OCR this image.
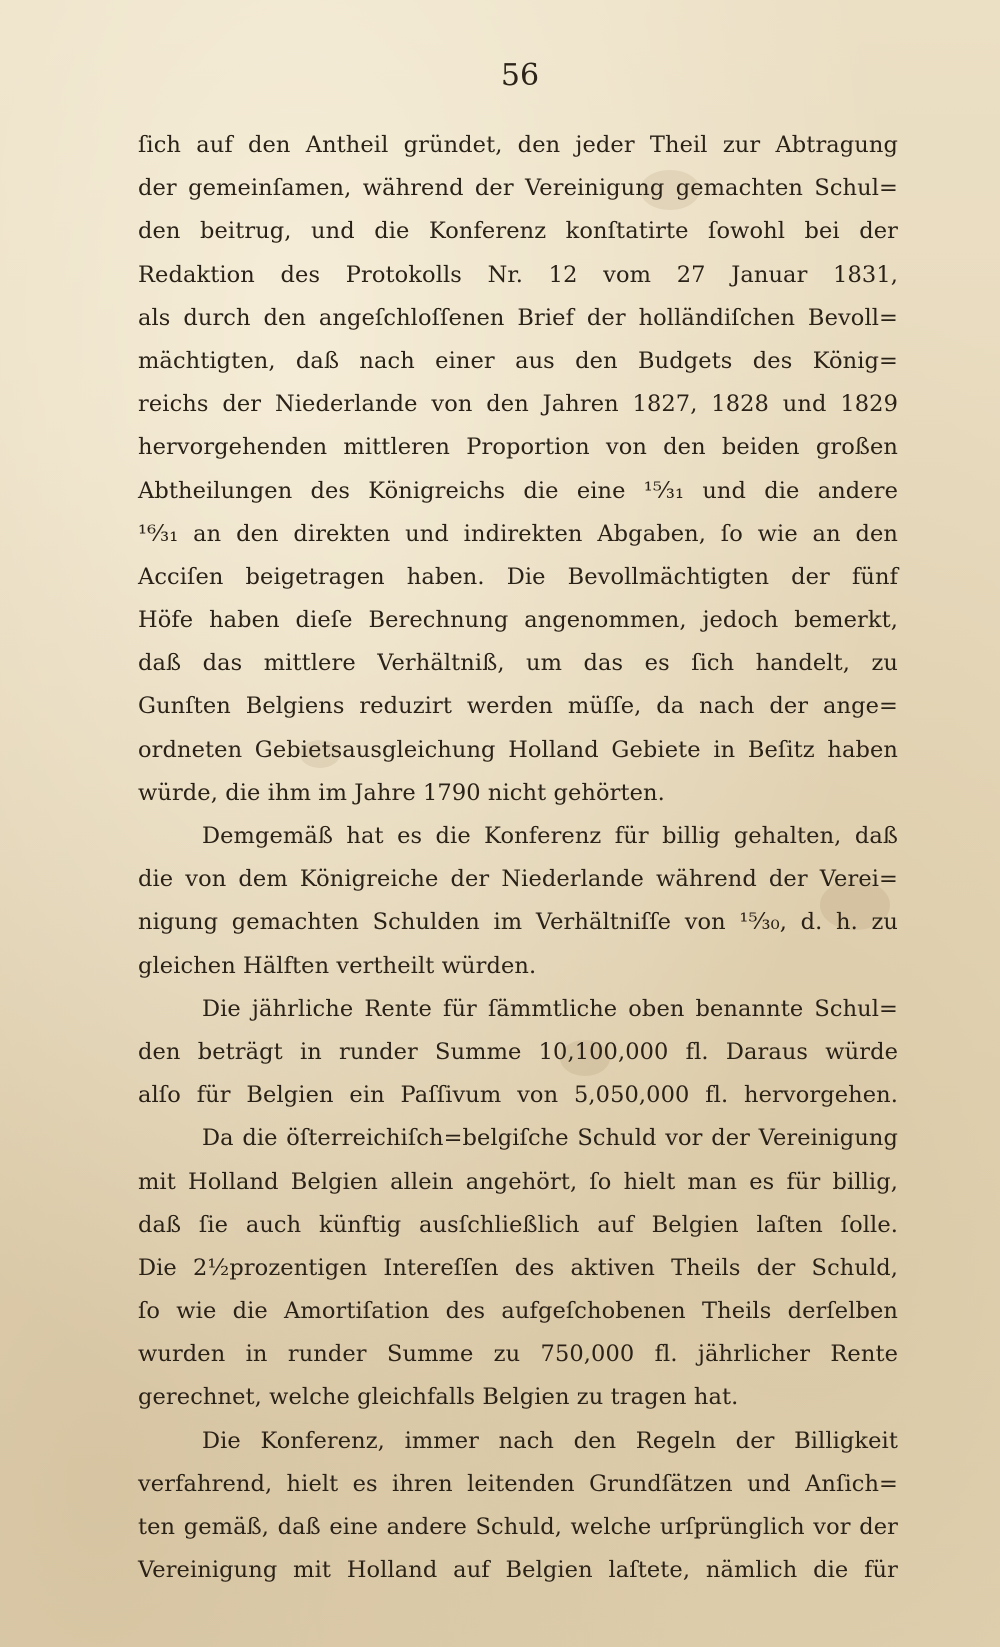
56
ſich auf den Antheil gründet, den jeder Theil zur Abtragung
der gemeinſamen, während der Vereinigung gemachten Schul=
den beitrug, und die Konferenz konſtatirte ſowohl bei der
Redaktion des Protokolls Nr. 12 vom 27 Januar 1831,
als durch den angeſchloſſenen Brief der holländiſchen Bevoll=
mächtigten, daß nach einer aus den Budgets des König=
reichs der Niederlande von den Jahren 1827, 1828 und 1829
hervorgehenden mittleren Proportion von den beiden großen
Abtheilungen des Königreichs die eine ¹⁵⁄₃₁ und die andere
¹⁶⁄₃₁ an den direkten und indirekten Abgaben, ſo wie an den
Acciſen beigetragen haben. Die Bevollmächtigten der fünf
Höfe haben dieſe Berechnung angenommen, jedoch bemerkt,
daß das mittlere Verhältniß, um das es ſich handelt, zu
Gunſten Belgiens reduzirt werden müſſe, da nach der ange=
ordneten Gebietsausgleichung Holland Gebiete in Beſitz haben
würde, die ihm im Jahre 1790 nicht gehörten.
Demgemäß hat es die Konferenz für billig gehalten, daß
die von dem Königreiche der Niederlande während der Verei=
nigung gemachten Schulden im Verhältniſſe von ¹⁵⁄₃₀, d. h. zu
gleichen Hälften vertheilt würden.
Die jährliche Rente für ſämmtliche oben benannte Schul=
den beträgt in runder Summe 10,100,000 fl. Daraus würde
alſo für Belgien ein Paſſivum von 5,050,000 fl. hervorgehen.
Da die öſterreichiſch=belgiſche Schuld vor der Vereinigung
mit Holland Belgien allein angehört, ſo hielt man es für billig,
daß ſie auch künftig ausſchließlich auf Belgien laſten ſolle.
Die 2½prozentigen Intereſſen des aktiven Theils der Schuld,
ſo wie die Amortiſation des aufgeſchobenen Theils derſelben
wurden in runder Summe zu 750,000 fl. jährlicher Rente
gerechnet, welche gleichfalls Belgien zu tragen hat.
Die Konferenz, immer nach den Regeln der Billigkeit
verfahrend, hielt es ihren leitenden Grundſätzen und Anſich=
ten gemäß, daß eine andere Schuld, welche urſprünglich vor der
Vereinigung mit Holland auf Belgien laſtete, nämlich die für
